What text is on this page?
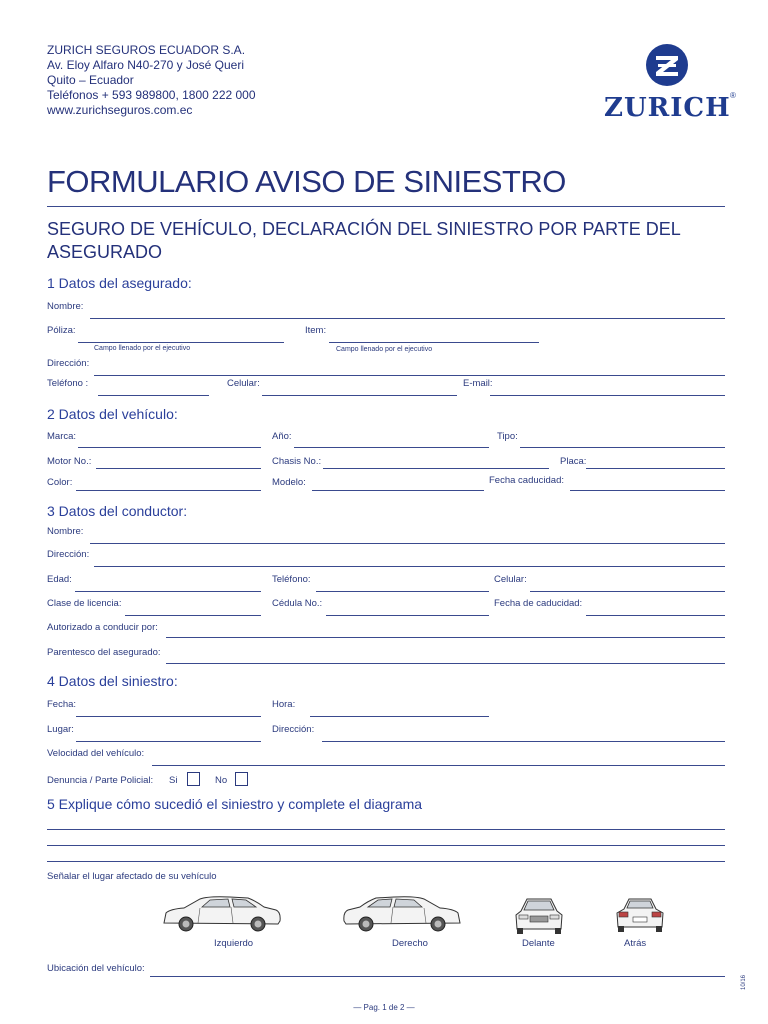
ZURICH SEGUROS ECUADOR S.A.
Av. Eloy Alfaro N40-270 y José Queri
Quito – Ecuador
Teléfonos + 593 989800, 1800 222 000
www.zurichseguros.com.ec	ZURICH ®
FORMULARIO AVISO DE SINIESTRO
SEGURO DE VEHÍCULO, DECLARACIÓN DEL SINIESTRO POR PARTE DEL ASEGURADO
1 Datos del asegurado:
Nombre:
Póliza:	Item:
Campo llenado por el ejecutivo	Campo llenado por el ejecutivo
Dirección:
Teléfono :	Celular:	E-mail:
2 Datos del vehículo:
Marca:	Año:	Tipo:
Motor No.:	Chasis No.:	Placa:
Color:	Modelo:	Fecha caducidad:
3 Datos del conductor:
Nombre:
Dirección:
Edad:	Teléfono:	Celular:
Clase de licencia:	Cédula No.:	Fecha de caducidad:
Autorizado a conducir por:
Parentesco del asegurado:
4 Datos del siniestro:
Fecha:	Hora:
Lugar:	Dirección:
Velocidad del vehículo:
Denuncia / Parte Policial: Si	No
5 Explique cómo sucedió el siniestro y complete el diagrama
Señalar el lugar afectado de su vehículo
Izquierdo	Derecho	Delante	Atrás
Ubicación del vehículo:
— Pag. 1 de 2 —
10/16
